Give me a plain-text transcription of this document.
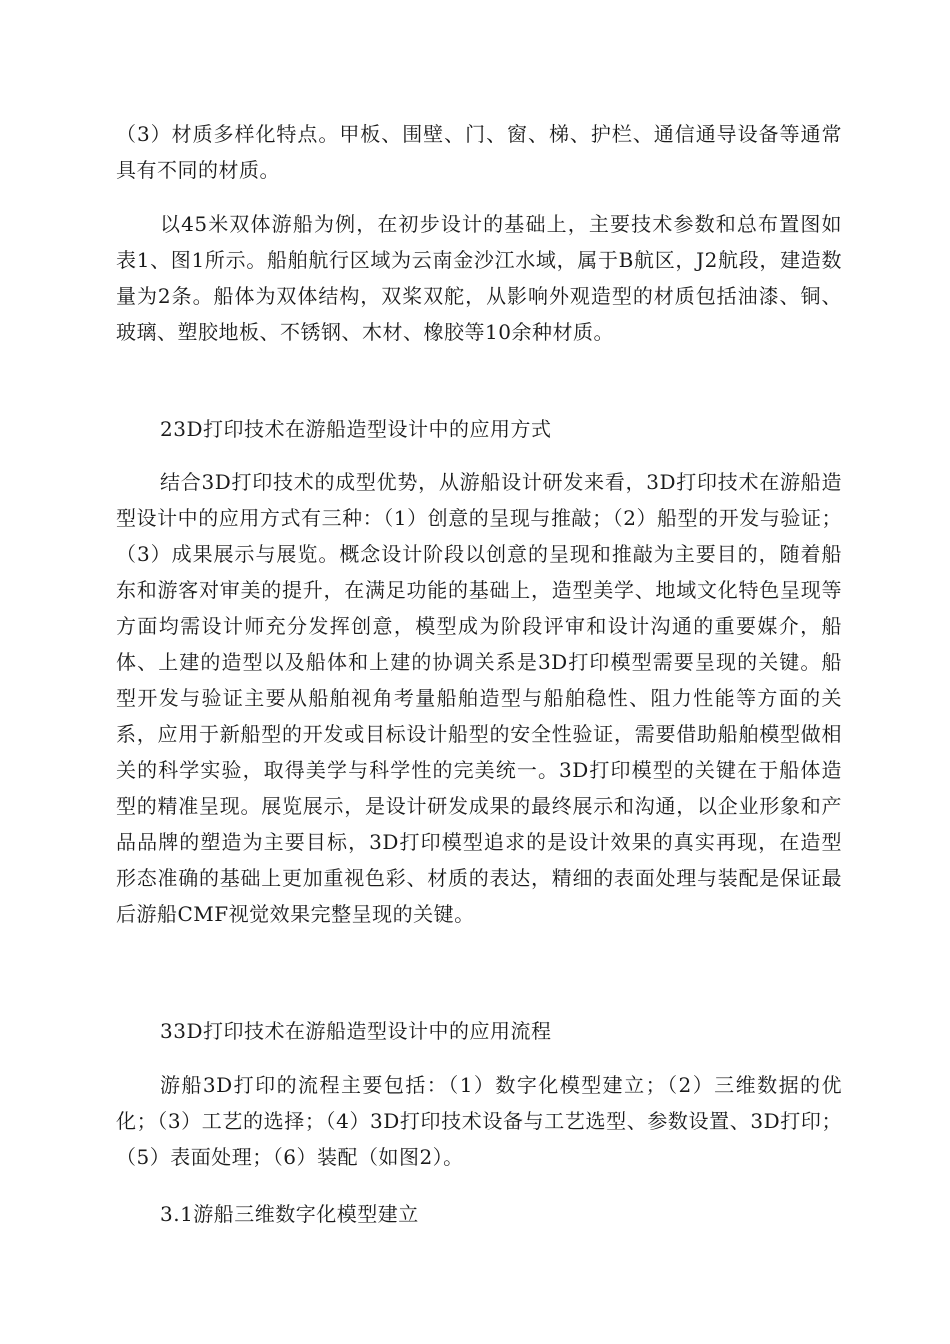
（3）材质多样化特点。甲板、围壁、门、窗、梯、护栏、通信通导设备等通常具有不同的材质。

以45米双体游船为例，在初步设计的基础上，主要技术参数和总布置图如表1、图1所示。船舶航行区域为云南金沙江水域，属于B航区，J2航段，建造数量为2条。船体为双体结构，双桨双舵，从影响外观造型的材质包括油漆、铜、玻璃、塑胶地板、不锈钢、木材、橡胶等10余种材质。

23D打印技术在游船造型设计中的应用方式

结合3D打印技术的成型优势，从游船设计研发来看，3D打印技术在游船造型设计中的应用方式有三种：（1）创意的呈现与推敲；（2）船型的开发与验证；（3）成果展示与展览。概念设计阶段以创意的呈现和推敲为主要目的，随着船东和游客对审美的提升，在满足功能的基础上，造型美学、地域文化特色呈现等方面均需设计师充分发挥创意，模型成为阶段评审和设计沟通的重要媒介，船体、上建的造型以及船体和上建的协调关系是3D打印模型需要呈现的关键。船型开发与验证主要从船舶视角考量船舶造型与船舶稳性、阻力性能等方面的关系，应用于新船型的开发或目标设计船型的安全性验证，需要借助船舶模型做相关的科学实验，取得美学与科学性的完美统一。3D打印模型的关键在于船体造型的精准呈现。展览展示，是设计研发成果的最终展示和沟通，以企业形象和产品品牌的塑造为主要目标，3D打印模型追求的是设计效果的真实再现，在造型形态准确的基础上更加重视色彩、材质的表达，精细的表面处理与装配是保证最后游船CMF视觉效果完整呈现的关键。

33D打印技术在游船造型设计中的应用流程

游船3D打印的流程主要包括：（1）数字化模型建立；（2）三维数据的优化；（3）工艺的选择；（4）3D打印技术设备与工艺选型、参数设置、3D打印；（5）表面处理；（6）装配（如图2）。

3.1游船三维数字化模型建立
